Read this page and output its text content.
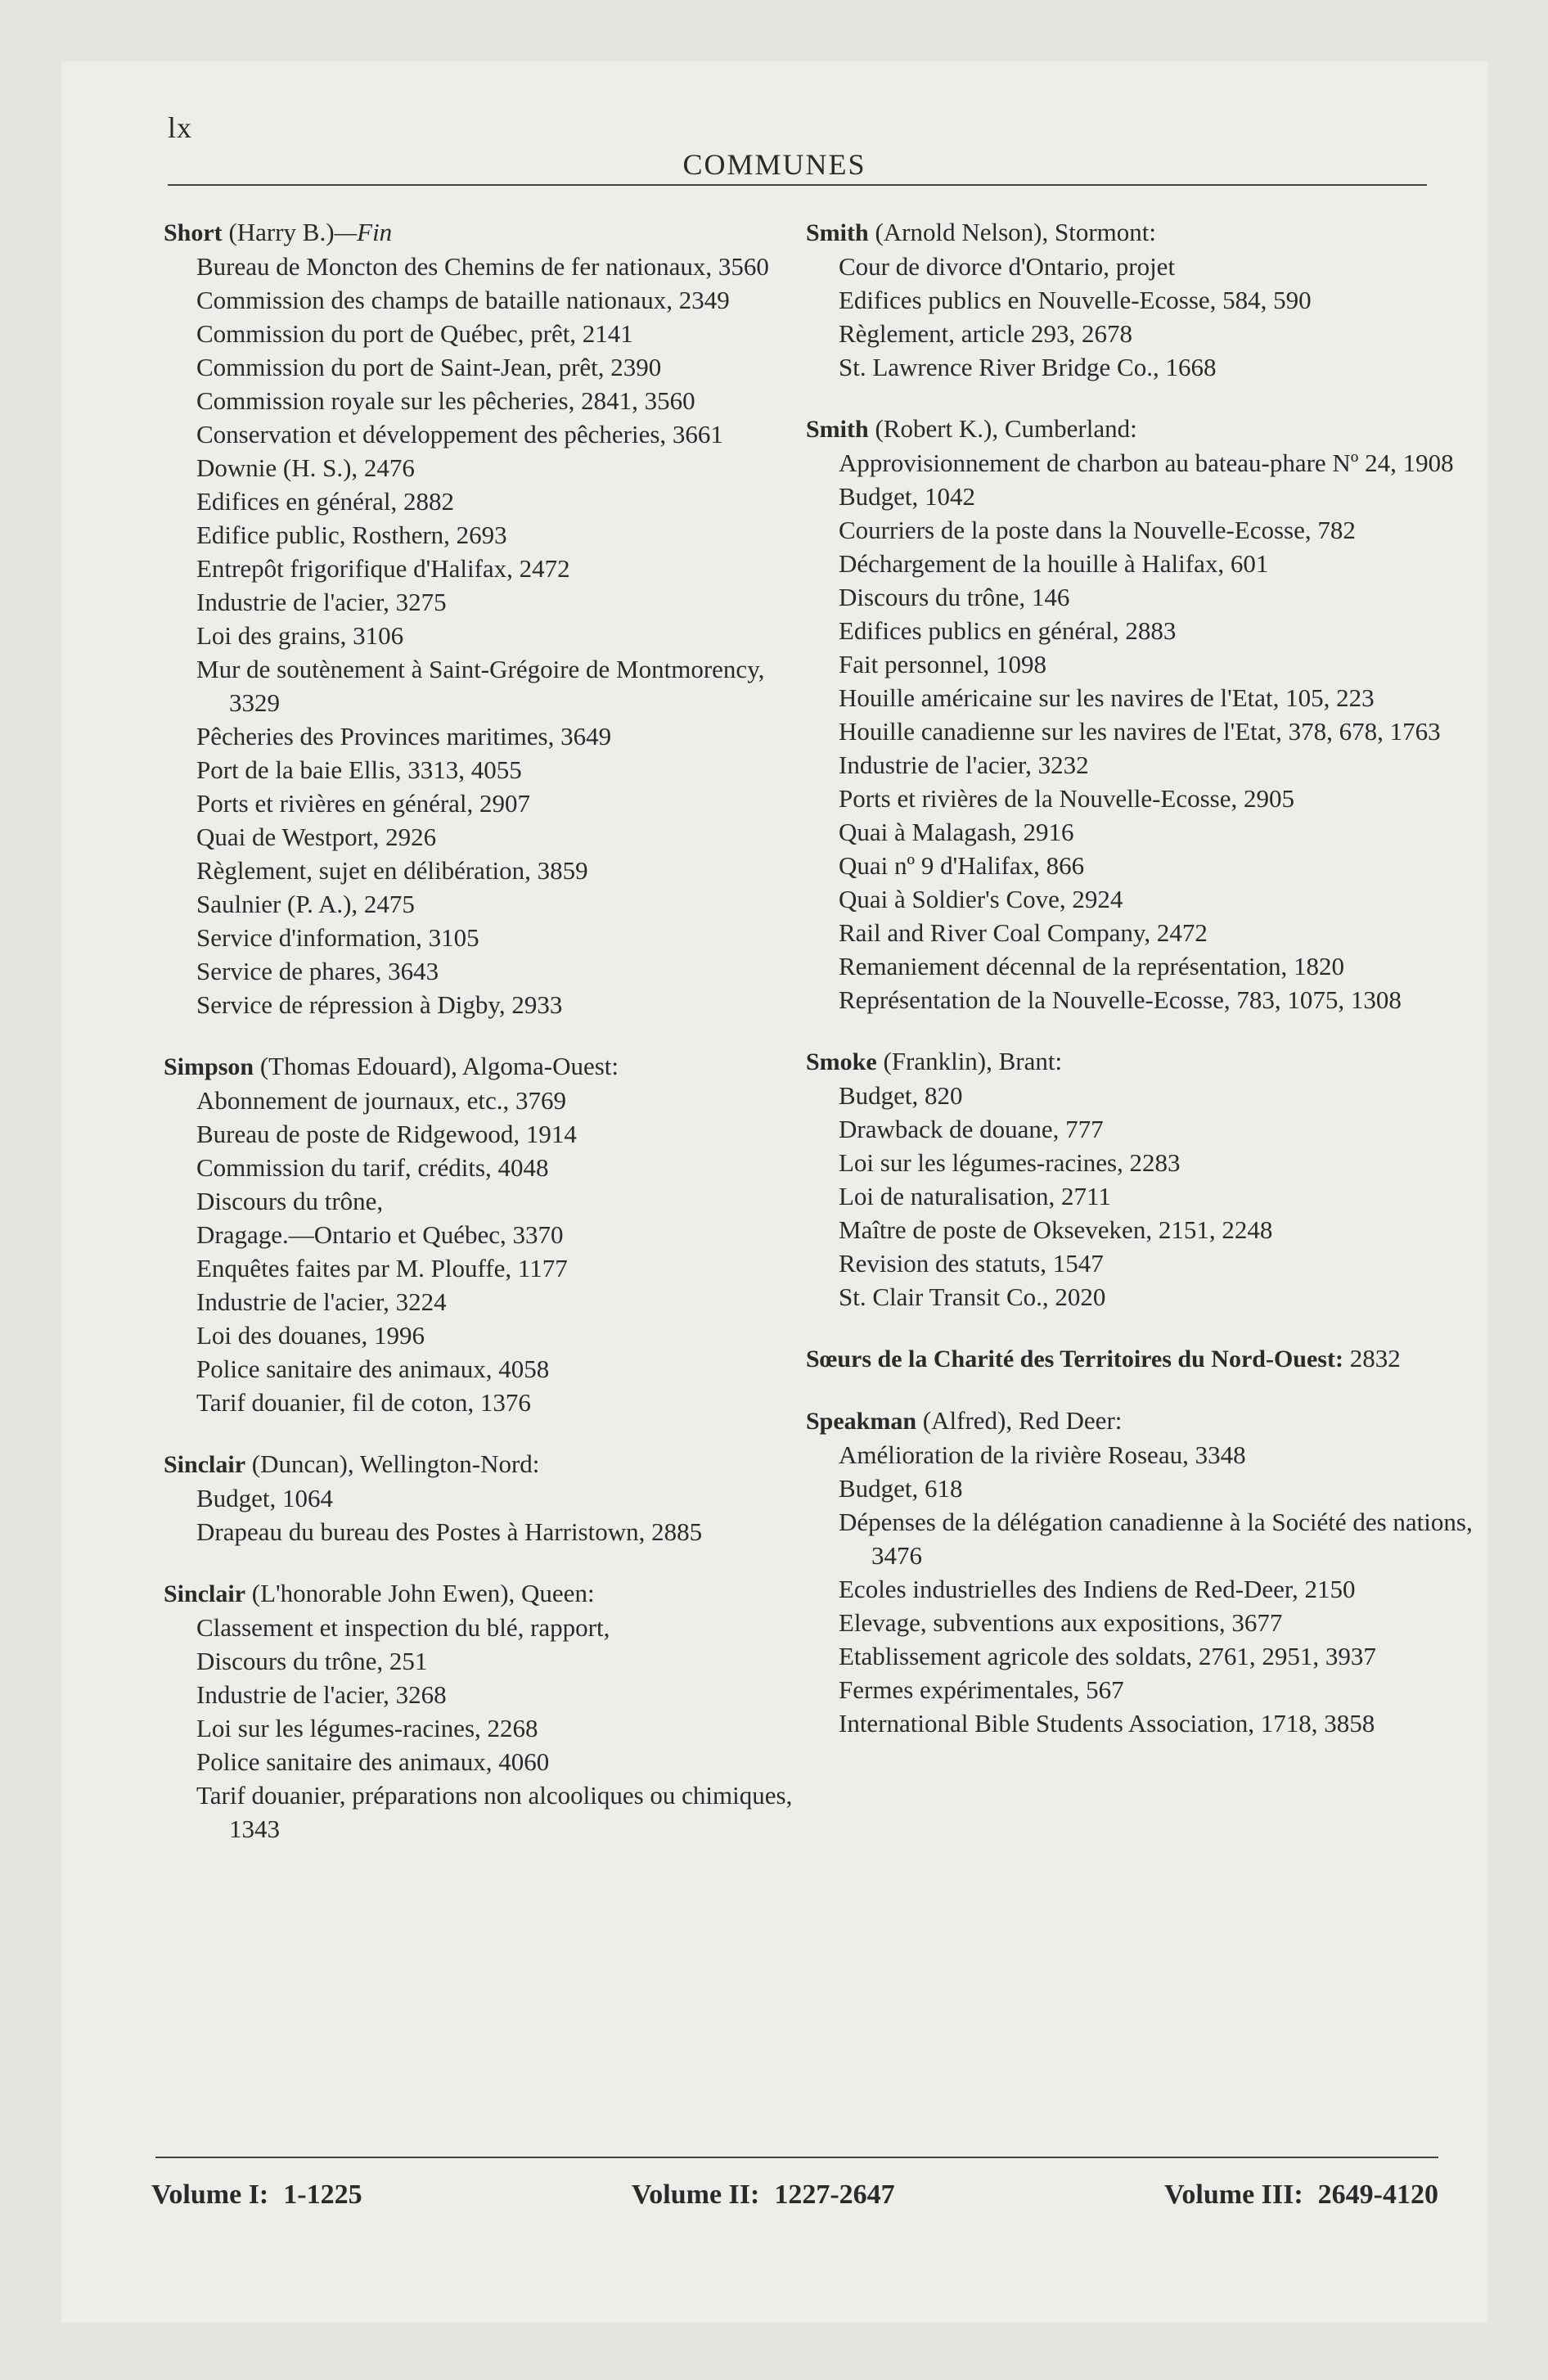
lx
COMMUNES
Short (Harry B.)—Fin
Bureau de Moncton des Chemins de fer nationaux, 3560
Commission des champs de bataille nationaux, 2349
Commission du port de Québec, prêt, 2141
Commission du port de Saint-Jean, prêt, 2390
Commission royale sur les pêcheries, 2841, 3560
Conservation et développement des pêcheries, 3661
Downie (H. S.), 2476
Edifices en général, 2882
Edifice public, Rosthern, 2693
Entrepôt frigorifique d'Halifax, 2472
Industrie de l'acier, 3275
Loi des grains, 3106
Mur de soutènement à Saint-Grégoire de Montmorency, 3329
Pêcheries des Provinces maritimes, 3649
Port de la baie Ellis, 3313, 4055
Ports et rivières en général, 2907
Quai de Westport, 2926
Règlement, sujet en délibération, 3859
Saulnier (P. A.), 2475
Service d'information, 3105
Service de phares, 3643
Service de répression à Digby, 2933
Simpson (Thomas Edouard), Algoma-Ouest:
Abonnement de journaux, etc., 3769
Bureau de poste de Ridgewood, 1914
Commission du tarif, crédits, 4048
Discours du trône,
Dragage.—Ontario et Québec, 3370
Enquêtes faites par M. Plouffe, 1177
Industrie de l'acier, 3224
Loi des douanes, 1996
Police sanitaire des animaux, 4058
Tarif douanier, fil de coton, 1376
Sinclair (Duncan), Wellington-Nord:
Budget, 1064
Drapeau du bureau des Postes à Harristown, 2885
Sinclair (L'honorable John Ewen), Queen:
Classement et inspection du blé, rapport,
Discours du trône, 251
Industrie de l'acier, 3268
Loi sur les légumes-racines, 2268
Police sanitaire des animaux, 4060
Tarif douanier, préparations non alcooliques ou chimiques, 1343
Smith (Arnold Nelson), Stormont:
Cour de divorce d'Ontario, projet
Edifices publics en Nouvelle-Ecosse, 584, 590
Règlement, article 293, 2678
St. Lawrence River Bridge Co., 1668
Smith (Robert K.), Cumberland:
Approvisionnement de charbon au bateau-phare Nº 24, 1908
Budget, 1042
Courriers de la poste dans la Nouvelle-Ecosse, 782
Déchargement de la houille à Halifax, 601
Discours du trône, 146
Edifices publics en général, 2883
Fait personnel, 1098
Houille américaine sur les navires de l'Etat, 105, 223
Houille canadienne sur les navires de l'Etat, 378, 678, 1763
Industrie de l'acier, 3232
Ports et rivières de la Nouvelle-Ecosse, 2905
Quai à Malagash, 2916
Quai nº 9 d'Halifax, 866
Quai à Soldier's Cove, 2924
Rail and River Coal Company, 2472
Remaniement décennal de la représentation, 1820
Représentation de la Nouvelle-Ecosse, 783, 1075, 1308
Smoke (Franklin), Brant:
Budget, 820
Drawback de douane, 777
Loi sur les légumes-racines, 2283
Loi de naturalisation, 2711
Maître de poste de Okseveken, 2151, 2248
Revision des statuts, 1547
St. Clair Transit Co., 2020
Sœurs de la Charité des Territoires du Nord-Ouest: 2832
Speakman (Alfred), Red Deer:
Amélioration de la rivière Roseau, 3348
Budget, 618
Dépenses de la délégation canadienne à la Société des nations, 3476
Ecoles industrielles des Indiens de Red-Deer, 2150
Elevage, subventions aux expositions, 3677
Etablissement agricole des soldats, 2761, 2951, 3937
Fermes expérimentales, 567
International Bible Students Association, 1718, 3858
Volume I: 1-1225	Volume II: 1227-2647	Volume III: 2649-4120
